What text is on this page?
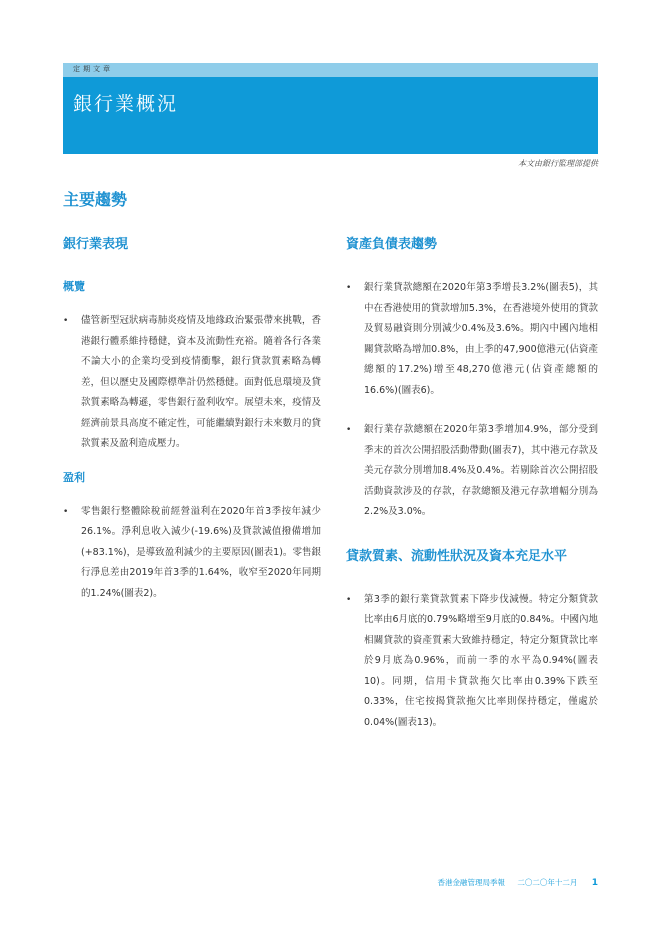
定期文章
銀行業概況
本文由銀行監理部提供
主要趨勢
銀行業表現
概覽
• 儘管新型冠狀病毒肺炎疫情及地緣政治緊張帶來挑戰，香港銀行體系維持穩健，資本及流動性充裕。隨着各行各業不論大小的企業均受到疫情衝擊，銀行貸款質素略為轉差，但以歷史及國際標準計仍然穩健。面對低息環境及貸款質素略為轉遜，零售銀行盈利收窄。展望未來，疫情及經濟前景具高度不確定性，可能繼續對銀行未來數月的貸款質素及盈利造成壓力。
盈利
• 零售銀行整體除稅前經營溢利在2020年首3季按年減少26.1%。淨利息收入減少(-19.6%)及貸款減值撥備增加(+83.1%)，是導致盈利減少的主要原因(圖表1)。零售銀行淨息差由2019年首3季的1.64%，收窄至2020年同期的1.24%(圖表2)。
資產負債表趨勢
• 銀行業貸款總額在2020年第3季增長3.2%(圖表5)，其中在香港使用的貸款增加5.3%，在香港境外使用的貸款及貿易融資則分別減少0.4%及3.6%。期內中國內地相關貸款略為增加0.8%，由上季的47,900億港元(佔資產總額的17.2%)增至48,270億港元(佔資產總額的16.6%)(圖表6)。
• 銀行業存款總額在2020年第3季增加4.9%，部分受到季末的首次公開招股活動帶動(圖表7)，其中港元存款及美元存款分別增加8.4%及0.4%。若剔除首次公開招股活動資款涉及的存款，存款總額及港元存款增幅分別為2.2%及3.0%。
貸款質素、流動性狀況及資本充足水平
• 第3季的銀行業貸款質素下降步伐減慢。特定分類貸款比率由6月底的0.79%略增至9月底的0.84%。中國內地相關貸款的資產質素大致維持穩定，特定分類貸款比率於9月底為0.96%，而前一季的水平為0.94%(圖表10)。同期，信用卡貸款拖欠比率由0.39%下跌至0.33%，住宅按揭貸款拖欠比率則保持穩定，僅處於0.04%(圖表13)。
香港金融管理局季報 二〇二〇年十二月 1
